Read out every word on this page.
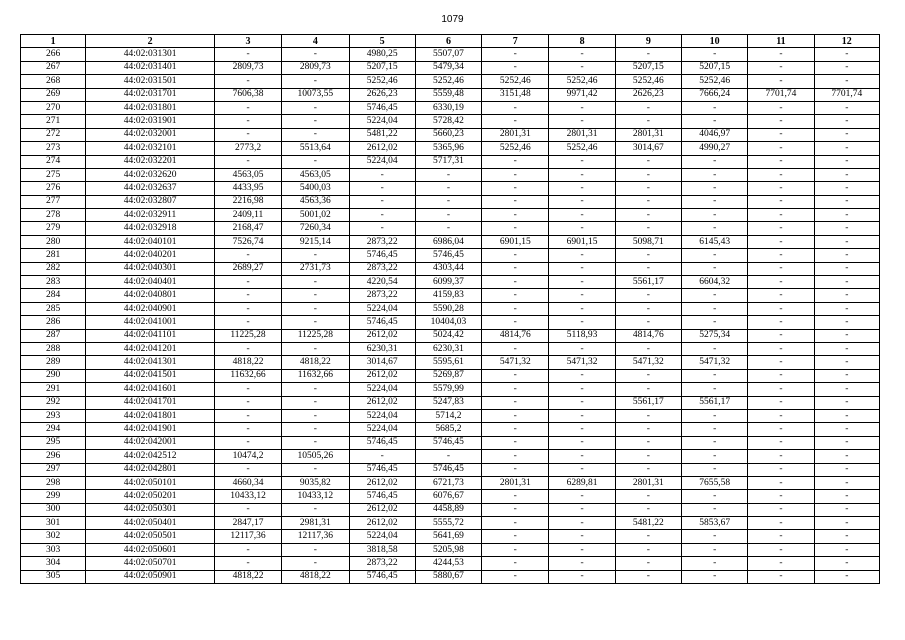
1079
1	2	3	4	5	6	7	8	9	10	11	12
266	44:02:031301	-	-	4980,25	5507,07	-	-	-	-	-	-
267	44:02:031401	2809,73	2809,73	5207,15	5479,34	-	-	5207,15	5207,15	-	-
268	44:02:031501	-	-	5252,46	5252,46	5252,46	5252,46	5252,46	5252,46	-	-
269	44:02:031701	7606,38	10073,55	2626,23	5559,48	3151,48	9971,42	2626,23	7666,24	7701,74	7701,74
270	44:02:031801	-	-	5746,45	6330,19	-	-	-	-	-	-
271	44:02:031901	-	-	5224,04	5728,42	-	-	-	-	-	-
272	44:02:032001	-	-	5481,22	5660,23	2801,31	2801,31	2801,31	4046,97	-	-
273	44:02:032101	2773,2	5513,64	2612,02	5365,96	5252,46	5252,46	3014,67	4990,27	-	-
274	44:02:032201	-	-	5224,04	5717,31	-	-	-	-	-	-
275	44:02:032620	4563,05	4563,05	-	-	-	-	-	-	-	-
276	44:02:032637	4433,95	5400,03	-	-	-	-	-	-	-	-
277	44:02:032807	2216,98	4563,36	-	-	-	-	-	-	-	-
278	44:02:032911	2409,11	5001,02	-	-	-	-	-	-	-	-
279	44:02:032918	2168,47	7260,34	-	-	-	-	-	-	-	-
280	44:02:040101	7526,74	9215,14	2873,22	6986,04	6901,15	6901,15	5098,71	6145,43	-	-
281	44:02:040201	-	-	5746,45	5746,45	-	-	-	-	-	-
282	44:02:040301	2689,27	2731,73	2873,22	4303,44	-	-	-	-	-	-
283	44:02:040401	-	-	4220,54	6099,37	-	-	5561,17	6604,32	-	-
284	44:02:040801	-	-	2873,22	4159,83	-	-	-	-	-	-
285	44:02:040901	-	-	5224,04	5590,28	-	-	-	-	-	-
286	44:02:041001	-	-	5746,45	10404,03	-	-	-	-	-	-
287	44:02:041101	11225,28	11225,28	2612,02	5024,42	4814,76	5118,93	4814,76	5275,34	-	-
288	44:02:041201	-	-	6230,31	6230,31	-	-	-	-	-	-
289	44:02:041301	4818,22	4818,22	3014,67	5595,61	5471,32	5471,32	5471,32	5471,32	-	-
290	44:02:041501	11632,66	11632,66	2612,02	5269,87	-	-	-	-	-	-
291	44:02:041601	-	-	5224,04	5579,99	-	-	-	-	-	-
292	44:02:041701	-	-	2612,02	5247,83	-	-	5561,17	5561,17	-	-
293	44:02:041801	-	-	5224,04	5714,2	-	-	-	-	-	-
294	44:02:041901	-	-	5224,04	5685,2	-	-	-	-	-	-
295	44:02:042001	-	-	5746,45	5746,45	-	-	-	-	-	-
296	44:02:042512	10474,2	10505,26	-	-	-	-	-	-	-	-
297	44:02:042801	-	-	5746,45	5746,45	-	-	-	-	-	-
298	44:02:050101	4660,34	9035,82	2612,02	6721,73	2801,31	6289,81	2801,31	7655,58	-	-
299	44:02:050201	10433,12	10433,12	5746,45	6076,67	-	-	-	-	-	-
300	44:02:050301	-	-	2612,02	4458,89	-	-	-	-	-	-
301	44:02:050401	2847,17	2981,31	2612,02	5555,72	-	-	5481,22	5853,67	-	-
302	44:02:050501	12117,36	12117,36	5224,04	5641,69	-	-	-	-	-	-
303	44:02:050601	-	-	3818,58	5205,98	-	-	-	-	-	-
304	44:02:050701	-	-	2873,22	4244,53	-	-	-	-	-	-
305	44:02:050901	4818,22	4818,22	5746,45	5880,67	-	-	-	-	-	-
